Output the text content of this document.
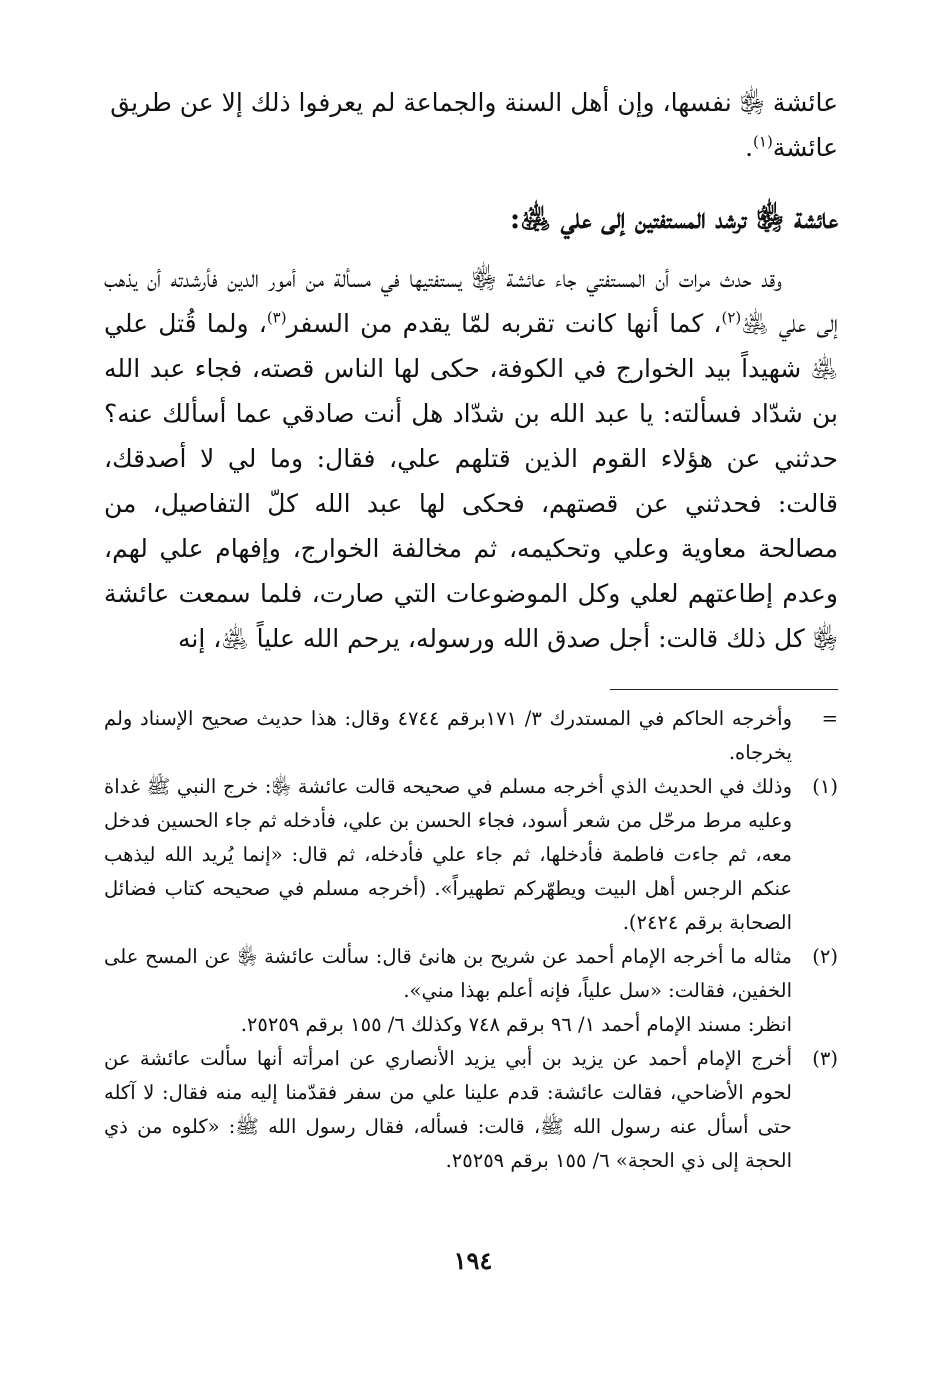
عائشة ﵂ نفسها، وإن أهل السنة والجماعة لم يعرفوا ذلك إلا عن طريق
عائشة$^{(١)}$.

عائشة ﵂ ترشد المستفتين إلى علي ﵁:

وقد حدث مرات أن المستفتي جاء عائشة ﵂ يستفتيها في مسألة من أمور الدين فأرشدته أن يذهب إلى علي ﵁$^{(٢)}$، كما أنها كانت تقربه لمّا يقدم من السفر$^{(٣)}$، ولما قُتل علي ﵁ شهيداً بيد الخوارج في الكوفة، حكى لها الناس قصته، فجاء عبد الله بن شدّاد فسألته: يا عبد الله بن شدّاد هل أنت صادقي عما أسألك عنه؟ حدثني عن هؤلاء القوم الذين قتلهم علي، فقال: وما لي لا أصدقك، قالت: فحدثني عن قصتهم، فحكى لها عبد الله كلّ التفاصيل، من مصالحة معاوية وعلي وتحكيمه، ثم مخالفة الخوارج، وإفهام علي لهم، وعدم إطاعتهم لعلي وكل الموضوعات التي صارت، فلما سمعت عائشة ﵂ كل ذلك قالت: أجل صدق الله ورسوله، يرحم الله علياً ﵁، إنه

=
وأخرجه الحاكم في المستدرك ٣/ ١٧١برقم ٤٧٤٤ وقال: هذا حديث صحيح الإسناد ولم يخرجاه.
(١)
وذلك في الحديث الذي أخرجه مسلم في صحيحه قالت عائشة ﵂: خرج النبي ﷺ غداة وعليه مرط مرحّل من شعر أسود، فجاء الحسن بن علي، فأدخله ثم جاء الحسين فدخل معه، ثم جاءت فاطمة فأدخلها، ثم جاء علي فأدخله، ثم قال: «إنما يُريد الله ليذهب عنكم الرجس أهل البيت ويطهّركم تطهيراً». (أخرجه مسلم في صحيحه كتاب فضائل الصحابة برقم ٢٤٢٤).
(٢)
مثاله ما أخرجه الإمام أحمد عن شريح بن هانئ قال: سألت عائشة ﵂ عن المسح على الخفين، فقالت: «سل علياً، فإنه أعلم بهذا مني».
انظر: مسند الإمام أحمد ١/ ٩٦ برقم ٧٤٨ وكذلك ٦/ ١٥٥ برقم ٢٥٢٥٩.
(٣)
أخرج الإمام أحمد عن يزيد بن أبي يزيد الأنصاري عن امرأته أنها سألت عائشة عن لحوم الأضاحي، فقالت عائشة: قدم علينا علي من سفر فقدّمنا إليه منه فقال: لا آكله حتى أسأل عنه رسول الله ﷺ، قالت: فسأله، فقال رسول الله ﷺ: «كلوه من ذي الحجة إلى ذي الحجة» ٦/ ١٥٥ برقم ٢٥٢٥٩.
١٩٤
